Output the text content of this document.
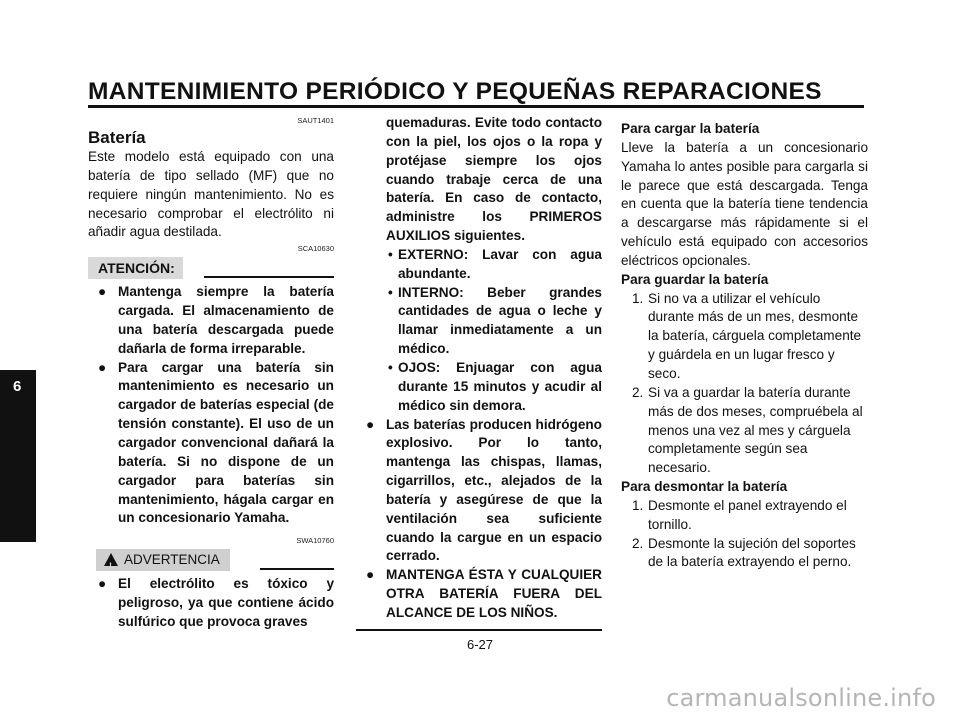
MANTENIMIENTO PERIÓDICO Y PEQUEÑAS REPARACIONES
6
SAUT1401
Batería
Este modelo está equipado con una batería de tipo sellado (MF) que no requiere ningún mantenimiento. No es necesario comprobar el electrólito ni añadir agua destilada.
SCA10630
ATENCIÓN:
● Mantenga siempre la batería cargada. El almacenamiento de una batería descargada puede dañarla de forma irreparable.
● Para cargar una batería sin mantenimiento es necesario un cargador de baterías especial (de tensión constante). El uso de un cargador convencional dañará la batería. Si no dispone de un cargador para baterías sin mantenimiento, hágala cargar en un concesionario Yamaha.
SWA10760
!ADVERTENCIA
● El electrólito es tóxico y peligroso, ya que contiene ácido sulfúrico que provoca graves
quemaduras. Evite todo contacto con la piel, los ojos o la ropa y protéjase siempre los ojos cuando trabaje cerca de una batería. En caso de contacto, administre los PRIMEROS AUXILIOS siguientes.
• EXTERNO: Lavar con agua abundante.
• INTERNO: Beber grandes cantidades de agua o leche y llamar inmediatamente a un médico.
• OJOS: Enjuagar con agua durante 15 minutos y acudir al médico sin demora.
● Las baterías producen hidrógeno explosivo. Por lo tanto, mantenga las chispas, llamas, cigarrillos, etc., alejados de la batería y asegúrese de que la ventilación sea suficiente cuando la cargue en un espacio cerrado.
● MANTENGA ÉSTA Y CUALQUIER OTRA BATERÍA FUERA DEL ALCANCE DE LOS NIÑOS.
Para cargar la batería
Lleve la batería a un concesionario Yamaha lo antes posible para cargarla si le parece que está descargada. Tenga en cuenta que la batería tiene tendencia a descargarse más rápidamente si el vehículo está equipado con accesorios eléctricos opcionales.
Para guardar la batería
1. Si no va a utilizar el vehículo durante más de un mes, desmonte la batería, cárguela completamente y guárdela en un lugar fresco y seco.
2. Si va a guardar la batería durante más de dos meses, compruébela al menos una vez al mes y cárguela completamente según sea necesario.
Para desmontar la batería
1. Desmonte el panel extrayendo el tornillo.
2. Desmonte la sujeción del soportes de la batería extrayendo el perno.
6-27
carmanualsonline.info
